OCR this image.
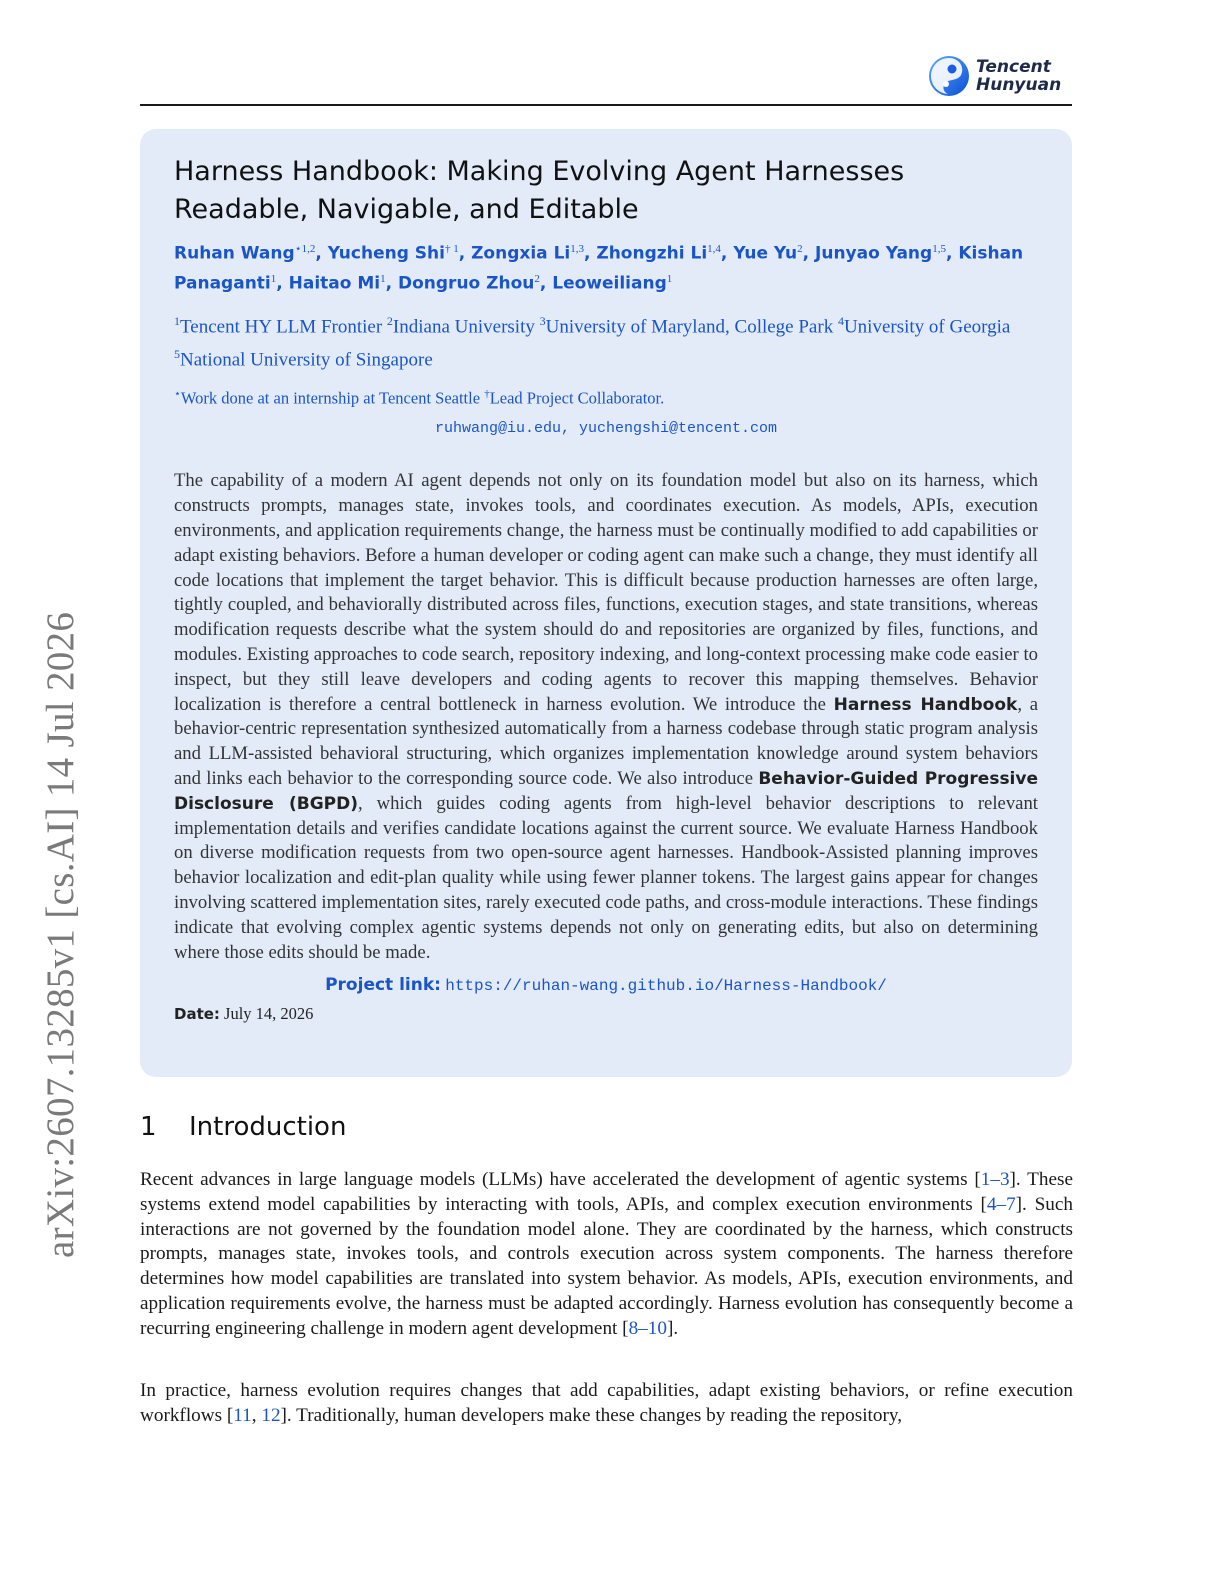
arXiv:2607.13285v1 [cs.AI] 14 Jul 2026
Tencent
Hunyuan
Harness Handbook: Making Evolving Agent Harnesses Readable, Navigable, and Editable
Ruhan Wang$^{⋆1,2}$, Yucheng Shi$^{\dagger 1}$, Zongxia Li$^{1,3}$, Zhongzhi Li$^{1,4}$, Yue Yu$^2$, Junyao Yang$^{1,5}$, Kishan Panaganti$^1$, Haitao Mi$^1$, Dongruo Zhou$^2$, Leoweiliang$^1$
$^1$Tencent HY LLM Frontier $^2$Indiana University $^3$University of Maryland, College Park $^4$University of Georgia $^5$National University of Singapore
⋆Work done at an internship at Tencent Seattle †Lead Project Collaborator.
ruhwang@iu.edu, yuchengshi@tencent.com
The capability of a modern AI agent depends not only on its foundation model but also on its harness, which constructs prompts, manages state, invokes tools, and coordinates execution. As models, APIs, execution environments, and application requirements change, the harness must be continually modified to add capabilities or adapt existing behaviors. Before a human developer or coding agent can make such a change, they must identify all code locations that implement the target behavior. This is difficult because production harnesses are often large, tightly coupled, and behaviorally distributed across files, functions, execution stages, and state transitions, whereas modification requests describe what the system should do and repositories are organized by files, functions, and modules. Existing approaches to code search, repository indexing, and long-context processing make code easier to inspect, but they still leave developers and coding agents to recover this mapping themselves. Behavior localization is therefore a central bottleneck in harness evolution. We introduce the Harness Handbook, a behavior-centric representation synthesized automatically from a harness codebase through static program analysis and LLM-assisted behavioral structuring, which organizes implementation knowledge around system behaviors and links each behavior to the corresponding source code. We also introduce Behavior-Guided Progressive Disclosure (BGPD), which guides coding agents from high-level behavior descriptions to relevant implementation details and verifies candidate locations against the current source. We evaluate Harness Handbook on diverse modification requests from two open-source agent harnesses. Handbook-Assisted planning improves behavior localization and edit-plan quality while using fewer planner tokens. The largest gains appear for changes involving scattered implementation sites, rarely executed code paths, and cross-module interactions. These findings indicate that evolving complex agentic systems depends not only on generating edits, but also on determining where those edits should be made.
Project link: https://ruhan-wang.github.io/Harness-Handbook/
Date: July 14, 2026
1 Introduction

Recent advances in large language models (LLMs) have accelerated the development of agentic systems [1–3]. These systems extend model capabilities by interacting with tools, APIs, and complex execution environments [4–7]. Such interactions are not governed by the foundation model alone. They are coordinated by the harness, which constructs prompts, manages state, invokes tools, and controls execution across system components. The harness therefore determines how model capabilities are translated into system behavior. As models, APIs, execution environments, and application requirements evolve, the harness must be adapted accordingly. Harness evolution has consequently become a recurring engineering challenge in modern agent development [8–10].

In practice, harness evolution requires changes that add capabilities, adapt existing behaviors, or refine execution workflows [11, 12]. Traditionally, human developers make these changes by reading the repository,
